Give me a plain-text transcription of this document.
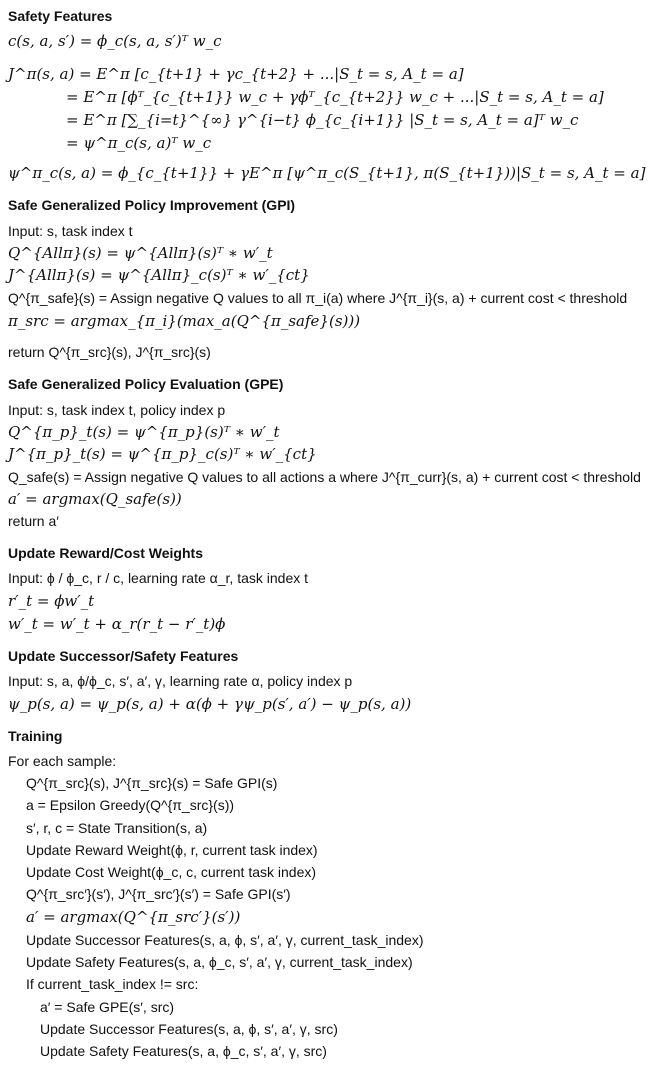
Safety Features
c(s, a, s′) = ϕ_c(s, a, s′)ᵀ w_c
J^π(s, a) = E^π [c_{t+1} + γc_{t+2} + ...|S_t = s, A_t = a]
= E^π [ϕᵀ_{c_{t+1}} w_c + γϕᵀ_{c_{t+2}} w_c + ...|S_t = s, A_t = a]
= E^π [∑_{i=t}^{∞} γ^{i−t} ϕ_{c_{i+1}} |S_t = s, A_t = a]ᵀ w_c
= ψ^π_c(s, a)ᵀ w_c
ψ^π_c(s, a) = ϕ_{c_{t+1}} + γE^π [ψ^π_c(S_{t+1}, π(S_{t+1}))|S_t = s, A_t = a]
Safe Generalized Policy Improvement (GPI)
Input: s, task index t
Q^{Allπ}(s) = ψ^{Allπ}(s)ᵀ ∗ w′_t
J^{Allπ}(s) = ψ^{Allπ}_c(s)ᵀ ∗ w′_{ct}
Q^{π_safe}(s) = Assign negative Q values to all π_i(a) where J^{π_i}(s, a) + current cost < threshold
π_src = argmax_{π_i}(max_a(Q^{π_safe}(s)))
return Q^{π_src}(s), J^{π_src}(s)
Safe Generalized Policy Evaluation (GPE)
Input: s, task index t, policy index p
Q^{π_p}_t(s) = ψ^{π_p}(s)ᵀ ∗ w′_t
J^{π_p}_t(s) = ψ^{π_p}_c(s)ᵀ ∗ w′_{ct}
Q_safe(s) = Assign negative Q values to all actions a where J^{π_curr}(s, a) + current cost < threshold
a′ = argmax(Q_safe(s))
return a′
Update Reward/Cost Weights
Input: ϕ / ϕ_c, r / c, learning rate α_r, task index t
r′_t = ϕw′_t
w′_t = w′_t + α_r(r_t − r′_t)ϕ
Update Successor/Safety Features
Input: s, a, ϕ/ϕ_c, s′, a′, γ, learning rate α, policy index p
ψ_p(s, a) = ψ_p(s, a) + α(ϕ + γψ_p(s′, a′) − ψ_p(s, a))
Training
For each sample:
Q^{π_src}(s), J^{π_src}(s) = Safe GPI(s)
a = Epsilon Greedy(Q^{π_src}(s))
s′, r, c = State Transition(s, a)
Update Reward Weight(ϕ, r, current task index)
Update Cost Weight(ϕ_c, c, current task index)
Q^{π_src′}(s′), J^{π_src′}(s′) = Safe GPI(s′)
a′ = argmax(Q^{π_src′}(s′))
Update Successor Features(s, a, ϕ, s′, a′, γ, current_task_index)
Update Safety Features(s, a, ϕ_c, s′, a′, γ, current_task_index)
If current_task_index != src:
a′ = Safe GPE(s′, src)
Update Successor Features(s, a, ϕ, s′, a′, γ, src)
Update Safety Features(s, a, ϕ_c, s′, a′, γ, src)
